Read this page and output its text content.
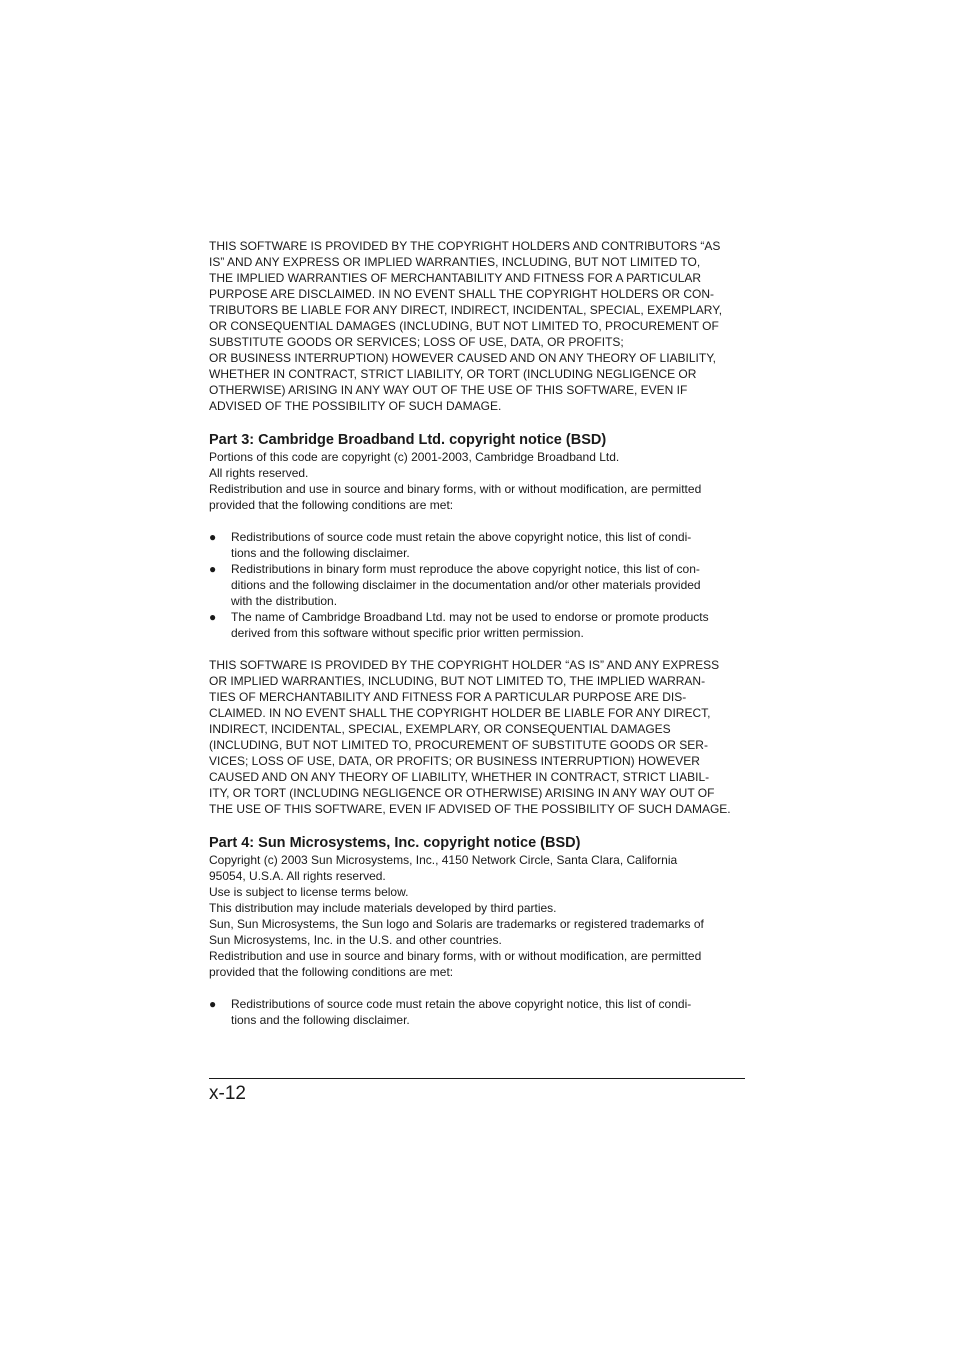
THIS SOFTWARE IS PROVIDED BY THE COPYRIGHT HOLDERS AND CONTRIBUTORS “AS
IS” AND ANY EXPRESS OR IMPLIED WARRANTIES, INCLUDING, BUT NOT LIMITED TO,
THE IMPLIED WARRANTIES OF MERCHANTABILITY AND FITNESS FOR A PARTICULAR
PURPOSE ARE DISCLAIMED. IN NO EVENT SHALL THE COPYRIGHT HOLDERS OR CON-
TRIBUTORS BE LIABLE FOR ANY DIRECT, INDIRECT, INCIDENTAL, SPECIAL, EXEMPLARY,
OR CONSEQUENTIAL DAMAGES (INCLUDING, BUT NOT LIMITED TO, PROCUREMENT OF
SUBSTITUTE GOODS OR SERVICES; LOSS OF USE, DATA, OR PROFITS;
OR BUSINESS INTERRUPTION) HOWEVER CAUSED AND ON ANY THEORY OF LIABILITY,
WHETHER IN CONTRACT, STRICT LIABILITY, OR TORT (INCLUDING NEGLIGENCE OR
OTHERWISE) ARISING IN ANY WAY OUT OF THE USE OF THIS SOFTWARE, EVEN IF
ADVISED OF THE POSSIBILITY OF SUCH DAMAGE.
Part 3: Cambridge Broadband Ltd. copyright notice (BSD)
Portions of this code are copyright (c) 2001-2003, Cambridge Broadband Ltd.
All rights reserved.
Redistribution and use in source and binary forms, with or without modification, are permitted
provided that the following conditions are met:
●	Redistributions of source code must retain the above copyright notice, this list of condi-
tions and the following disclaimer.
●	Redistributions in binary form must reproduce the above copyright notice, this list of con-
ditions and the following disclaimer in the documentation and/or other materials provided
with the distribution.
●	The name of Cambridge Broadband Ltd. may not be used to endorse or promote products
derived from this software without specific prior written permission.
THIS SOFTWARE IS PROVIDED BY THE COPYRIGHT HOLDER “AS IS” AND ANY EXPRESS
OR IMPLIED WARRANTIES, INCLUDING, BUT NOT LIMITED TO, THE IMPLIED WARRAN-
TIES OF MERCHANTABILITY AND FITNESS FOR A PARTICULAR PURPOSE ARE DIS-
CLAIMED. IN NO EVENT SHALL THE COPYRIGHT HOLDER BE LIABLE FOR ANY DIRECT,
INDIRECT, INCIDENTAL, SPECIAL, EXEMPLARY, OR CONSEQUENTIAL DAMAGES
(INCLUDING, BUT NOT LIMITED TO, PROCUREMENT OF SUBSTITUTE GOODS OR SER-
VICES; LOSS OF USE, DATA, OR PROFITS; OR BUSINESS INTERRUPTION) HOWEVER
CAUSED AND ON ANY THEORY OF LIABILITY, WHETHER IN CONTRACT, STRICT LIABIL-
ITY, OR TORT (INCLUDING NEGLIGENCE OR OTHERWISE) ARISING IN ANY WAY OUT OF
THE USE OF THIS SOFTWARE, EVEN IF ADVISED OF THE POSSIBILITY OF SUCH DAMAGE.
Part 4: Sun Microsystems, Inc. copyright notice (BSD)
Copyright (c) 2003 Sun Microsystems, Inc., 4150 Network Circle, Santa Clara, California
95054, U.S.A. All rights reserved.
Use is subject to license terms below.
This distribution may include materials developed by third parties.
Sun, Sun Microsystems, the Sun logo and Solaris are trademarks or registered trademarks of
Sun Microsystems, Inc. in the U.S. and other countries.
Redistribution and use in source and binary forms, with or without modification, are permitted
provided that the following conditions are met:
●	Redistributions of source code must retain the above copyright notice, this list of condi-
tions and the following disclaimer.
x-12
